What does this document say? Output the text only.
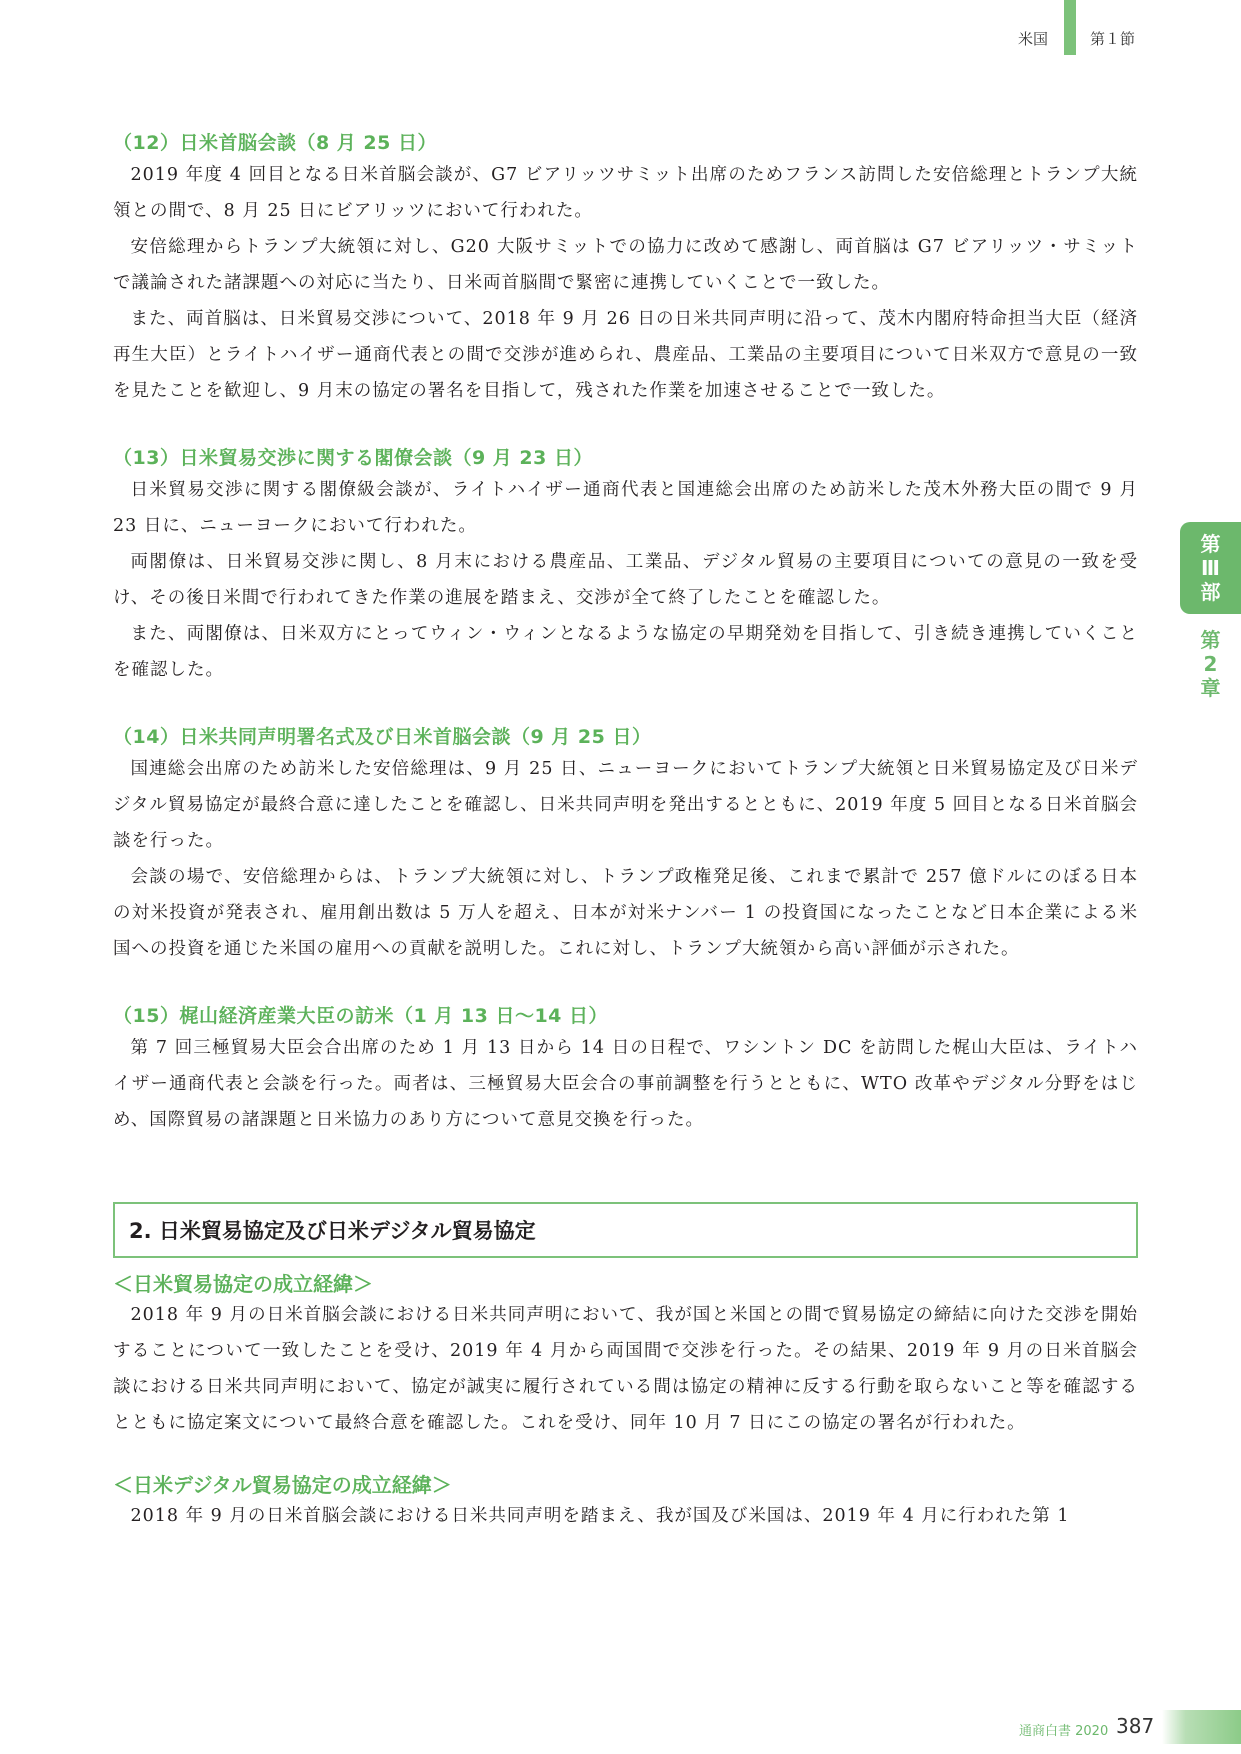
米国	第１節
第
Ⅲ
部
第
2
章
（12）日米首脳会談（8 月 25 日）

2019 年度 4 回目となる日米首脳会談が、G7 ビアリッツサミット出席のためフランス訪問した安倍総理とトランプ大統領との間で、8 月 25 日にビアリッツにおいて行われた。

安倍総理からトランプ大統領に対し、G20 大阪サミットでの協力に改めて感謝し、両首脳は G7 ビアリッツ・サミットで議論された諸課題への対応に当たり、日米両首脳間で緊密に連携していくことで一致した。

また、両首脳は、日米貿易交渉について、2018 年 9 月 26 日の日米共同声明に沿って、茂木内閣府特命担当大臣（経済再生大臣）とライトハイザー通商代表との間で交渉が進められ、農産品、工業品の主要項目について日米双方で意見の一致を見たことを歓迎し、9 月末の協定の署名を目指して，残された作業を加速させることで一致した。

（13）日米貿易交渉に関する閣僚会談（9 月 23 日）

日米貿易交渉に関する閣僚級会談が、ライトハイザー通商代表と国連総会出席のため訪米した茂木外務大臣の間で 9 月 23 日に、ニューヨークにおいて行われた。

両閣僚は、日米貿易交渉に関し、8 月末における農産品、工業品、デジタル貿易の主要項目についての意見の一致を受け、その後日米間で行われてきた作業の進展を踏まえ、交渉が全て終了したことを確認した。

また、両閣僚は、日米双方にとってウィン・ウィンとなるような協定の早期発効を目指して、引き続き連携していくことを確認した。

（14）日米共同声明署名式及び日米首脳会談（9 月 25 日）

国連総会出席のため訪米した安倍総理は、9 月 25 日、ニューヨークにおいてトランプ大統領と日米貿易協定及び日米デジタル貿易協定が最終合意に達したことを確認し、日米共同声明を発出するとともに、2019 年度 5 回目となる日米首脳会談を行った。

会談の場で、安倍総理からは、トランプ大統領に対し、トランプ政権発足後、これまで累計で 257 億ドルにのぼる日本の対米投資が発表され、雇用創出数は 5 万人を超え、日本が対米ナンバー 1 の投資国になったことなど日本企業による米国への投資を通じた米国の雇用への貢献を説明した。これに対し、トランプ大統領から高い評価が示された。

（15）梶山経済産業大臣の訪米（1 月 13 日〜14 日）

第 7 回三極貿易大臣会合出席のため 1 月 13 日から 14 日の日程で、ワシントン DC を訪問した梶山大臣は、ライトハイザー通商代表と会談を行った。両者は、三極貿易大臣会合の事前調整を行うとともに、WTO 改革やデジタル分野をはじめ、国際貿易の諸課題と日米協力のあり方について意見交換を行った。

2. 日米貿易協定及び日米デジタル貿易協定
＜日米貿易協定の成立経緯＞

2018 年 9 月の日米首脳会談における日米共同声明において、我が国と米国との間で貿易協定の締結に向けた交渉を開始することについて一致したことを受け、2019 年 4 月から両国間で交渉を行った。その結果、2019 年 9 月の日米首脳会談における日米共同声明において、協定が誠実に履行されている間は協定の精神に反する行動を取らないこと等を確認するとともに協定案文について最終合意を確認した。これを受け、同年 10 月 7 日にこの協定の署名が行われた。

＜日米デジタル貿易協定の成立経緯＞

2018 年 9 月の日米首脳会談における日米共同声明を踏まえ、我が国及び米国は、2019 年 4 月に行われた第 1

通商白書 2020 387
